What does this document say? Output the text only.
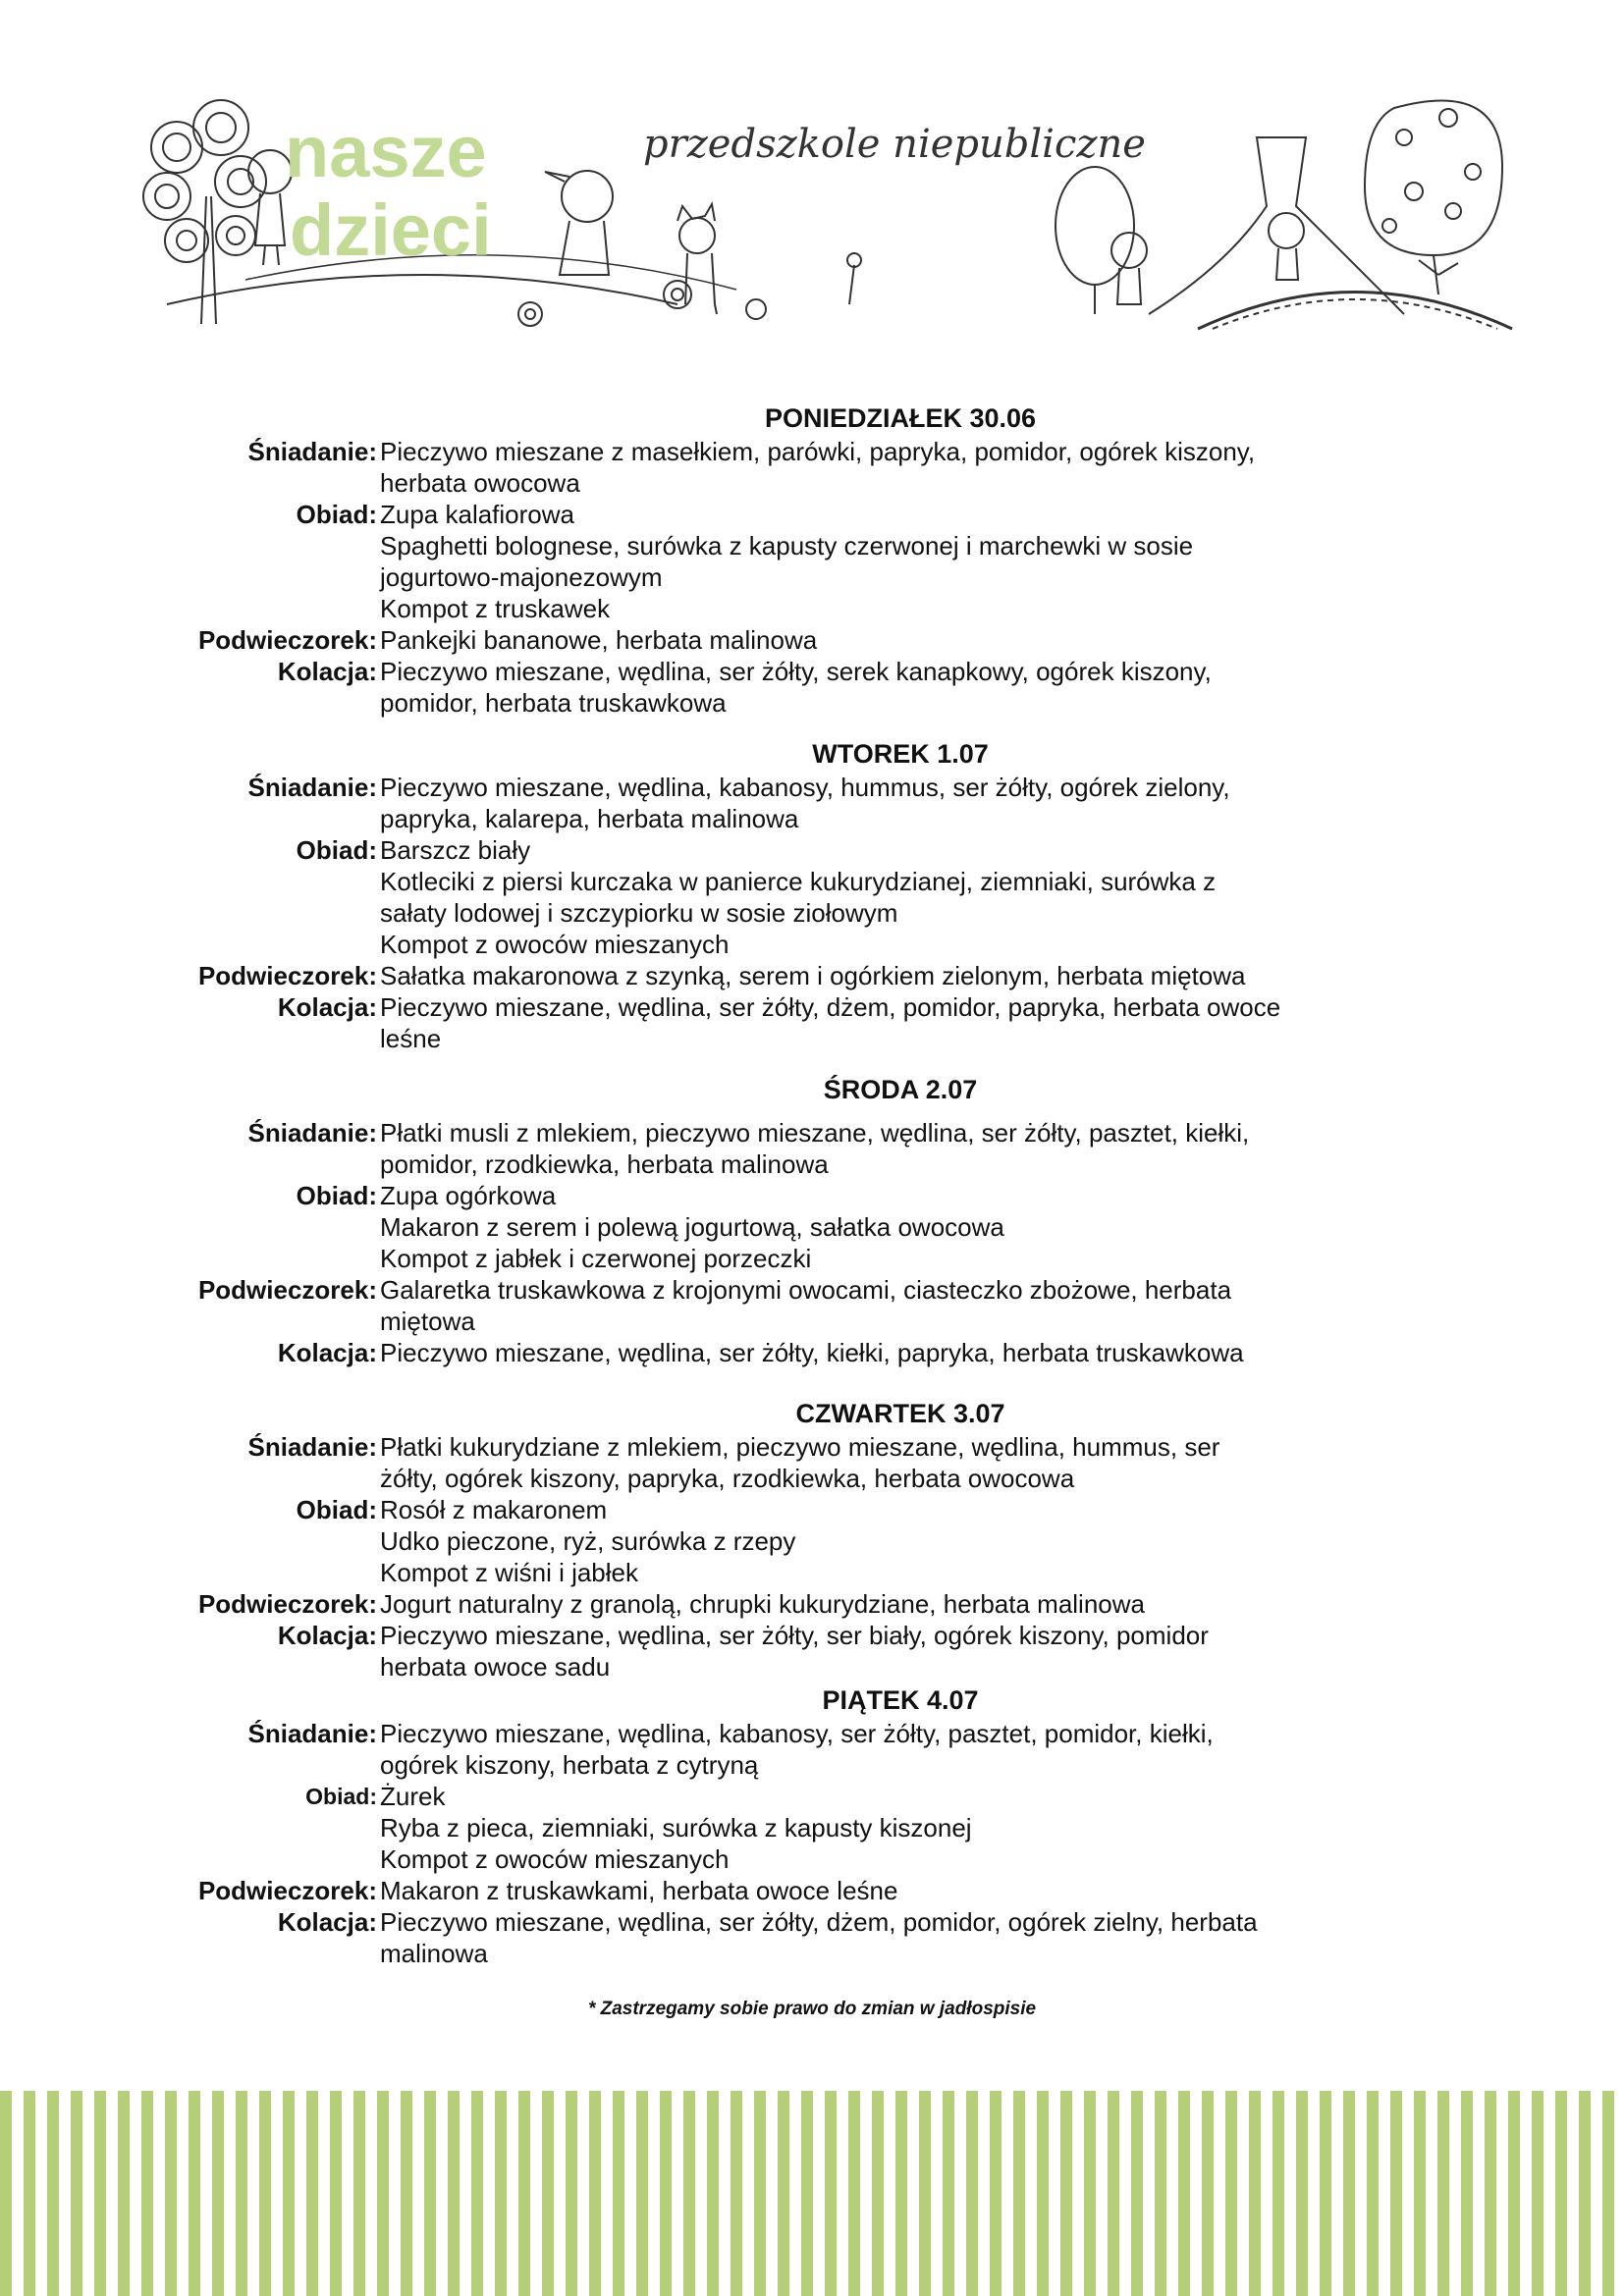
nasze
dzieci
przedszkole niepubliczne
PONIEDZIAŁEK 30.06
Śniadanie: Pieczywo mieszane z masełkiem, parówki, papryka, pomidor, ogórek kiszony,
herbata owocowa
Obiad: Zupa kalafiorowa
Spaghetti bolognese, surówka z kapusty czerwonej i marchewki w sosie
jogurtowo-majonezowym
Kompot z truskawek
Podwieczorek: Pankejki bananowe, herbata malinowa
Kolacja: Pieczywo mieszane, wędlina, ser żółty, serek kanapkowy, ogórek kiszony,
pomidor, herbata truskawkowa
WTOREK 1.07
Śniadanie: Pieczywo mieszane, wędlina, kabanosy, hummus, ser żółty, ogórek zielony,
papryka, kalarepa, herbata malinowa
Obiad: Barszcz biały
Kotleciki z piersi kurczaka w panierce kukurydzianej, ziemniaki, surówka z
sałaty lodowej i szczypiorku w sosie ziołowym
Kompot z owoców mieszanych
Podwieczorek: Sałatka makaronowa z szynką, serem i ogórkiem zielonym, herbata miętowa
Kolacja: Pieczywo mieszane, wędlina, ser żółty, dżem, pomidor, papryka, herbata owoce
leśne
ŚRODA 2.07
Śniadanie: Płatki musli z mlekiem, pieczywo mieszane, wędlina, ser żółty, pasztet, kiełki,
pomidor, rzodkiewka, herbata malinowa
Obiad: Zupa ogórkowa
Makaron z serem i polewą jogurtową, sałatka owocowa
Kompot z jabłek i czerwonej porzeczki
Podwieczorek: Galaretka truskawkowa z krojonymi owocami, ciasteczko zbożowe, herbata
miętowa
Kolacja: Pieczywo mieszane, wędlina, ser żółty, kiełki, papryka, herbata truskawkowa
CZWARTEK 3.07
Śniadanie: Płatki kukurydziane z mlekiem, pieczywo mieszane, wędlina, hummus, ser
żółty, ogórek kiszony, papryka, rzodkiewka, herbata owocowa
Obiad: Rosół z makaronem
Udko pieczone, ryż, surówka z rzepy
Kompot z wiśni i jabłek
Podwieczorek: Jogurt naturalny z granolą, chrupki kukurydziane, herbata malinowa
Kolacja: Pieczywo mieszane, wędlina, ser żółty, ser biały, ogórek kiszony, pomidor
herbata owoce sadu
PIĄTEK 4.07
Śniadanie: Pieczywo mieszane, wędlina, kabanosy, ser żółty, pasztet, pomidor, kiełki,
ogórek kiszony, herbata z cytryną
Obiad: Żurek
Ryba z pieca, ziemniaki, surówka z kapusty kiszonej
Kompot z owoców mieszanych
Podwieczorek: Makaron z truskawkami, herbata owoce leśne
Kolacja: Pieczywo mieszane, wędlina, ser żółty, dżem, pomidor, ogórek zielny, herbata
malinowa
* Zastrzegamy sobie prawo do zmian w jadłospisie
